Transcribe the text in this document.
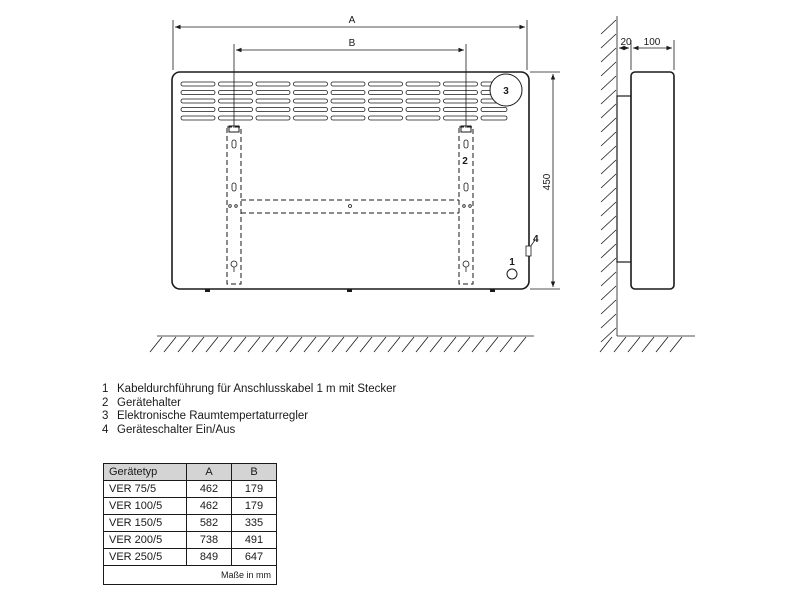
3
2
1
4
A
B
450
20 100
1 Kabeldurchführung für Anschlusskabel 1 m mit Stecker
2 Gerätehalter
3 Elektronische Raumtempertaturregler
4 Geräteschalter Ein/Aus
Gerätetyp	A	B
VER 75/5	462	179
VER 100/5	462	179
VER 150/5	582	335
VER 200/5	738	491
VER 250/5	849	647
Maße in mm		
